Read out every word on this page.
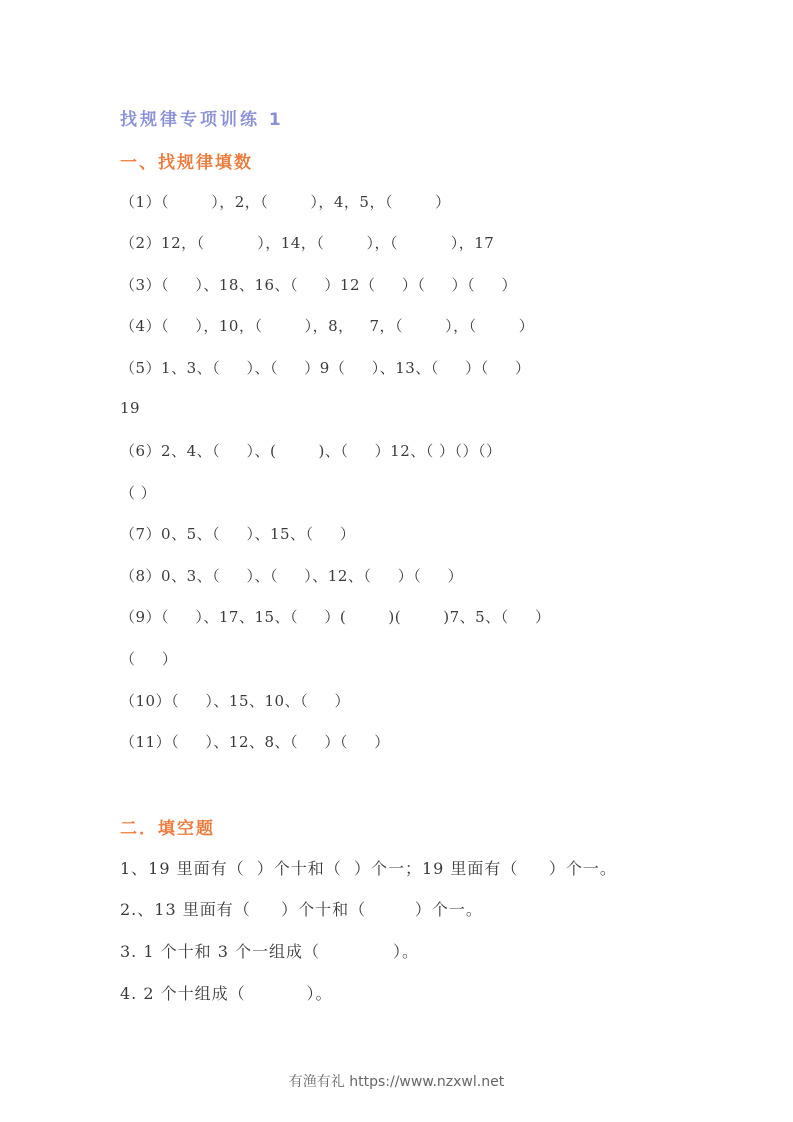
找规律专项训练 1
一、找规律填数
（1）（        ），2，（        ），4，5，（        ）
（2）12，（          ），14，（        ），（          ），17
（3）（     ）、18、16、（     ）12（     ）（     ）（     ）
（4）（     ），10，（        ），8，   7，（        ），（        ）
（5）1、3、（     ）、（     ）9（     ）、13、（     ）（     ）
19
（6）2、4、（     ）、(        )、（     ）12、（ ）（）（）
（ ）
（7）0、5、（     ）、15、（     ）
（8）0、3、（     ）、（     ）、12、（     ）（     ）
（9）（     ）、17、15、（     ）(        )(        )7、5、（     ）
（     ）
（10）（     ）、15、10、（     ）
（11）（     ）、12、8、（     ）（     ）
二．填空题
1、19 里面有（  ）个十和（  ）个一；19 里面有（     ）个一。
2.、13 里面有（     ）个十和（        ）个一。
3. 1 个十和 3 个一组成（            ）。
4. 2 个十组成（          ）。
有渔有礼 https://www.nzxwl.net
